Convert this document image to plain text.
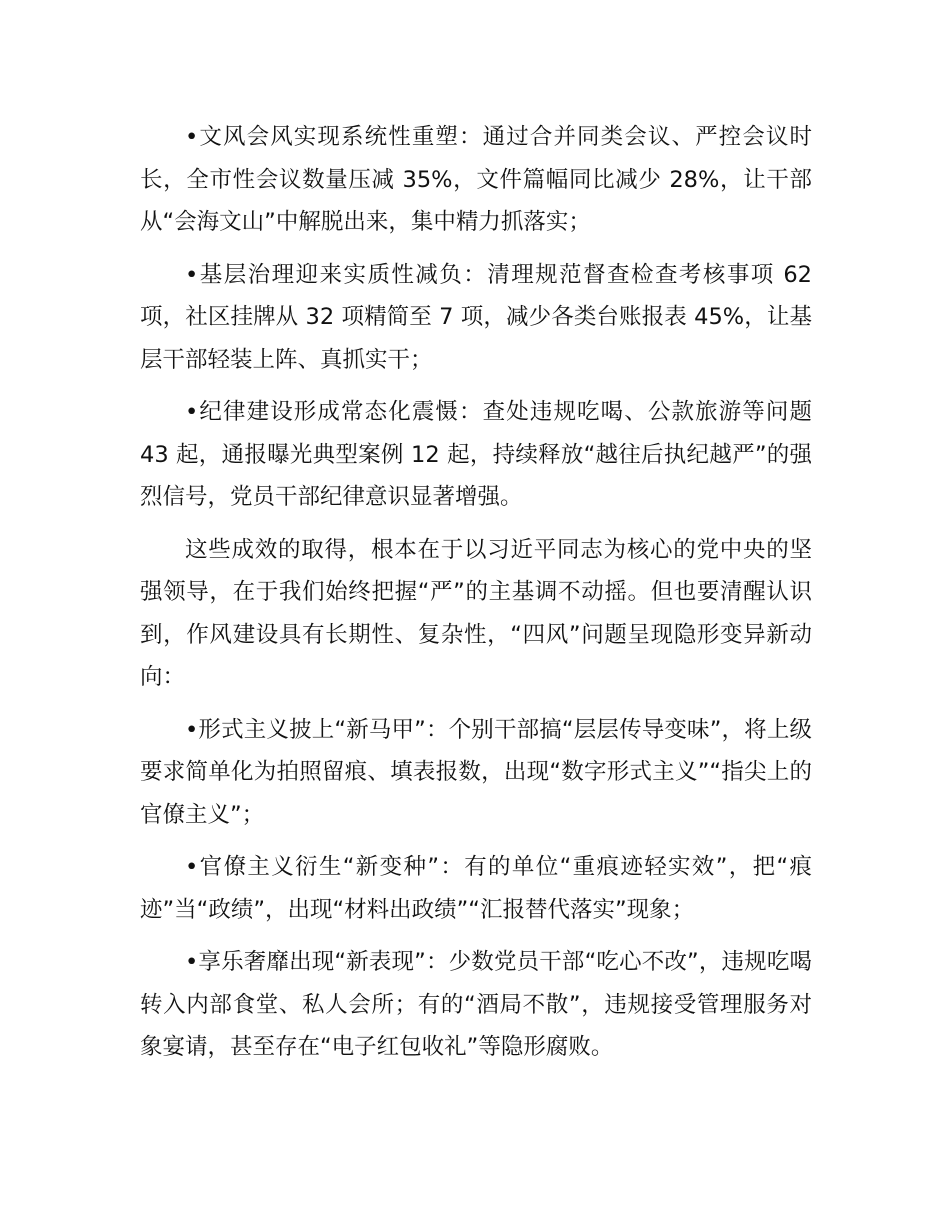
•文风会风实现系统性重塑：通过合并同类会议、严控会议时长，全市性会议数量压减 35%，文件篇幅同比减少 28%，让干部从“会海文山”中解脱出来，集中精力抓落实；

•基层治理迎来实质性减负：清理规范督查检查考核事项 62 项，社区挂牌从 32 项精简至 7 项，减少各类台账报表 45%，让基层干部轻装上阵、真抓实干；

•纪律建设形成常态化震慑：查处违规吃喝、公款旅游等问题 43 起，通报曝光典型案例 12 起，持续释放“越往后执纪越严”的强烈信号，党员干部纪律意识显著增强。

这些成效的取得，根本在于以习近平同志为核心的党中央的坚强领导，在于我们始终把握“严”的主基调不动摇。但也要清醒认识到，作风建设具有长期性、复杂性，“四风”问题呈现隐形变异新动向：

•形式主义披上“新马甲”：个别干部搞“层层传导变味”，将上级要求简单化为拍照留痕、填表报数，出现“数字形式主义”“指尖上的官僚主义”；

•官僚主义衍生“新变种”：有的单位“重痕迹轻实效”，把“痕迹”当“政绩”，出现“材料出政绩”“汇报替代落实”现象；

•享乐奢靡出现“新表现”：少数党员干部“吃心不改”，违规吃喝转入内部食堂、私人会所；有的“酒局不散”，违规接受管理服务对象宴请，甚至存在“电子红包收礼”等隐形腐败。
